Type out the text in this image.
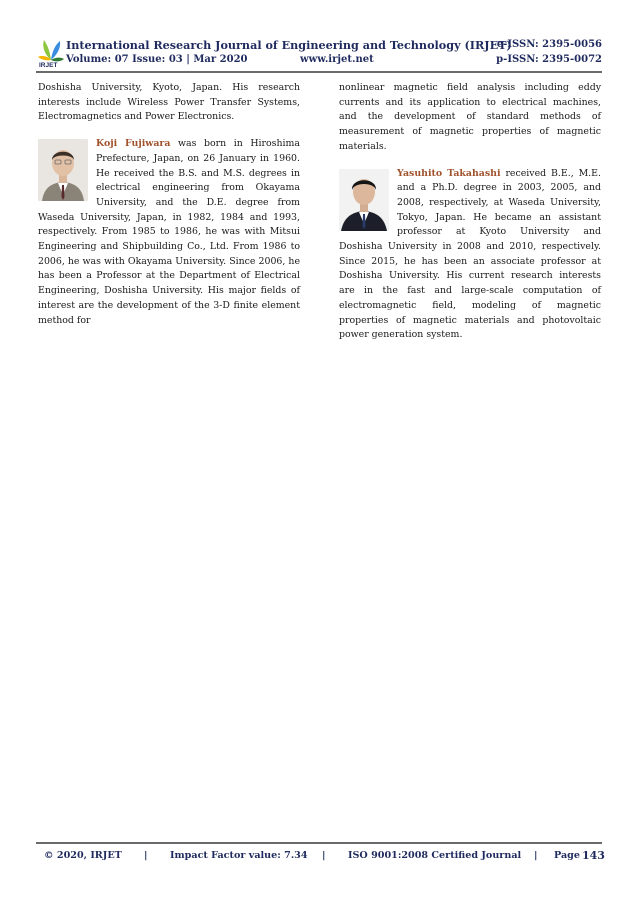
IRJET
International Research Journal of Engineering and Technology (IRJET)
e-ISSN: 2395-0056
Volume: 07 Issue: 03 | Mar 2020	www.irjet.net	p-ISSN: 2395-0072

Doshisha University, Kyoto, Japan. His research interests include Wireless Power Transfer Systems, Electromagnetics and Power Electronics.

Koji Fujiwara was born in Hiroshima Prefecture, Japan, on 26 January in 1960. He received the B.S. and M.S. degrees in electrical engineering from Okayama University, and the D.E. degree from Waseda University, Japan, in 1982, 1984 and 1993, respectively. From 1985 to 1986, he was with Mitsui Engineering and Shipbuilding Co., Ltd. From 1986 to 2006, he was with Okayama University. Since 2006, he has been a Professor at the Department of Electrical Engineering, Doshisha University. His major fields of interest are the development of the 3-D finite element method for

nonlinear magnetic field analysis including eddy currents and its application to electrical machines, and the development of standard methods of measurement of magnetic properties of magnetic materials.

Yasuhito Takahashi received B.E., M.E. and a Ph.D. degree in 2003, 2005, and 2008, respectively, at Waseda University, Tokyo, Japan. He became an assistant professor at Kyoto University and Doshisha University in 2008 and 2010, respectively. Since 2015, he has been an associate professor at Doshisha University. His current research interests are in the fast and large-scale computation of electromagnetic field, modeling of magnetic properties of magnetic materials and photovoltaic power generation system.

© 2020, IRJET | Impact Factor value: 7.34 | ISO 9001:2008 Certified Journal | Page 143
